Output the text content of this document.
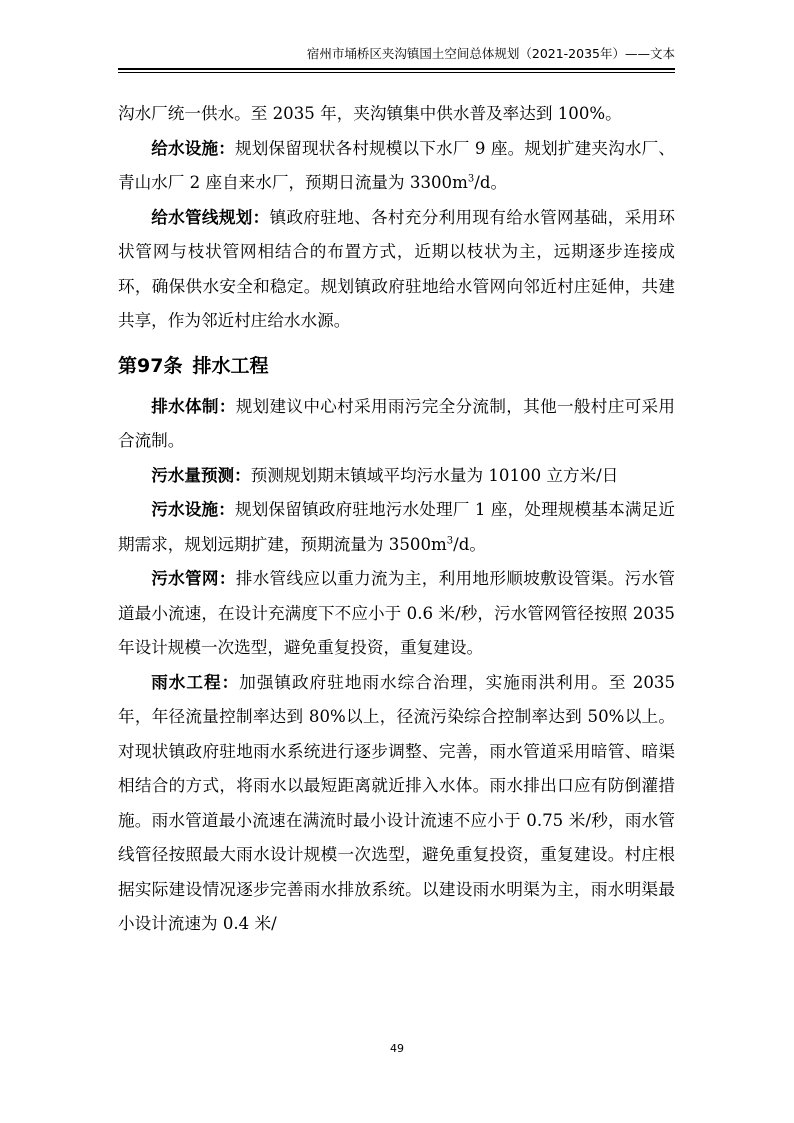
宿州市埇桥区夹沟镇国土空间总体规划（2021-2035年）——文本

沟水厂统一供水。至 2035 年，夹沟镇集中供水普及率达到 100%。

给水设施：规划保留现状各村规模以下水厂 9 座。规划扩建夹沟水厂、青山水厂 2 座自来水厂，预期日流量为 $3300m^3/d$。

给水管线规划：镇政府驻地、各村充分利用现有给水管网基础，采用环状管网与枝状管网相结合的布置方式，近期以枝状为主，远期逐步连接成环，确保供水安全和稳定。规划镇政府驻地给水管网向邻近村庄延伸，共建共享，作为邻近村庄给水水源。

第97条 排水工程

排水体制：规划建议中心村采用雨污完全分流制，其他一般村庄可采用合流制。

污水量预测：预测规划期末镇域平均污水量为 10100 立方米/日

污水设施：规划保留镇政府驻地污水处理厂 1 座，处理规模基本满足近期需求，规划远期扩建，预期流量为 $3500m^3/d$。

污水管网：排水管线应以重力流为主，利用地形顺坡敷设管渠。污水管道最小流速，在设计充满度下不应小于 0.6 米/秒，污水管网管径按照 2035 年设计规模一次选型，避免重复投资，重复建设。

雨水工程：加强镇政府驻地雨水综合治理，实施雨洪利用。至 2035 年，年径流量控制率达到 80%以上，径流污染综合控制率达到 50%以上。对现状镇政府驻地雨水系统进行逐步调整、完善，雨水管道采用暗管、暗渠相结合的方式，将雨水以最短距离就近排入水体。雨水排出口应有防倒灌措施。雨水管道最小流速在满流时最小设计流速不应小于 0.75 米/秒，雨水管线管径按照最大雨水设计规模一次选型，避免重复投资，重复建设。村庄根据实际建设情况逐步完善雨水排放系统。以建设雨水明渠为主，雨水明渠最小设计流速为 0.4 米/

49
